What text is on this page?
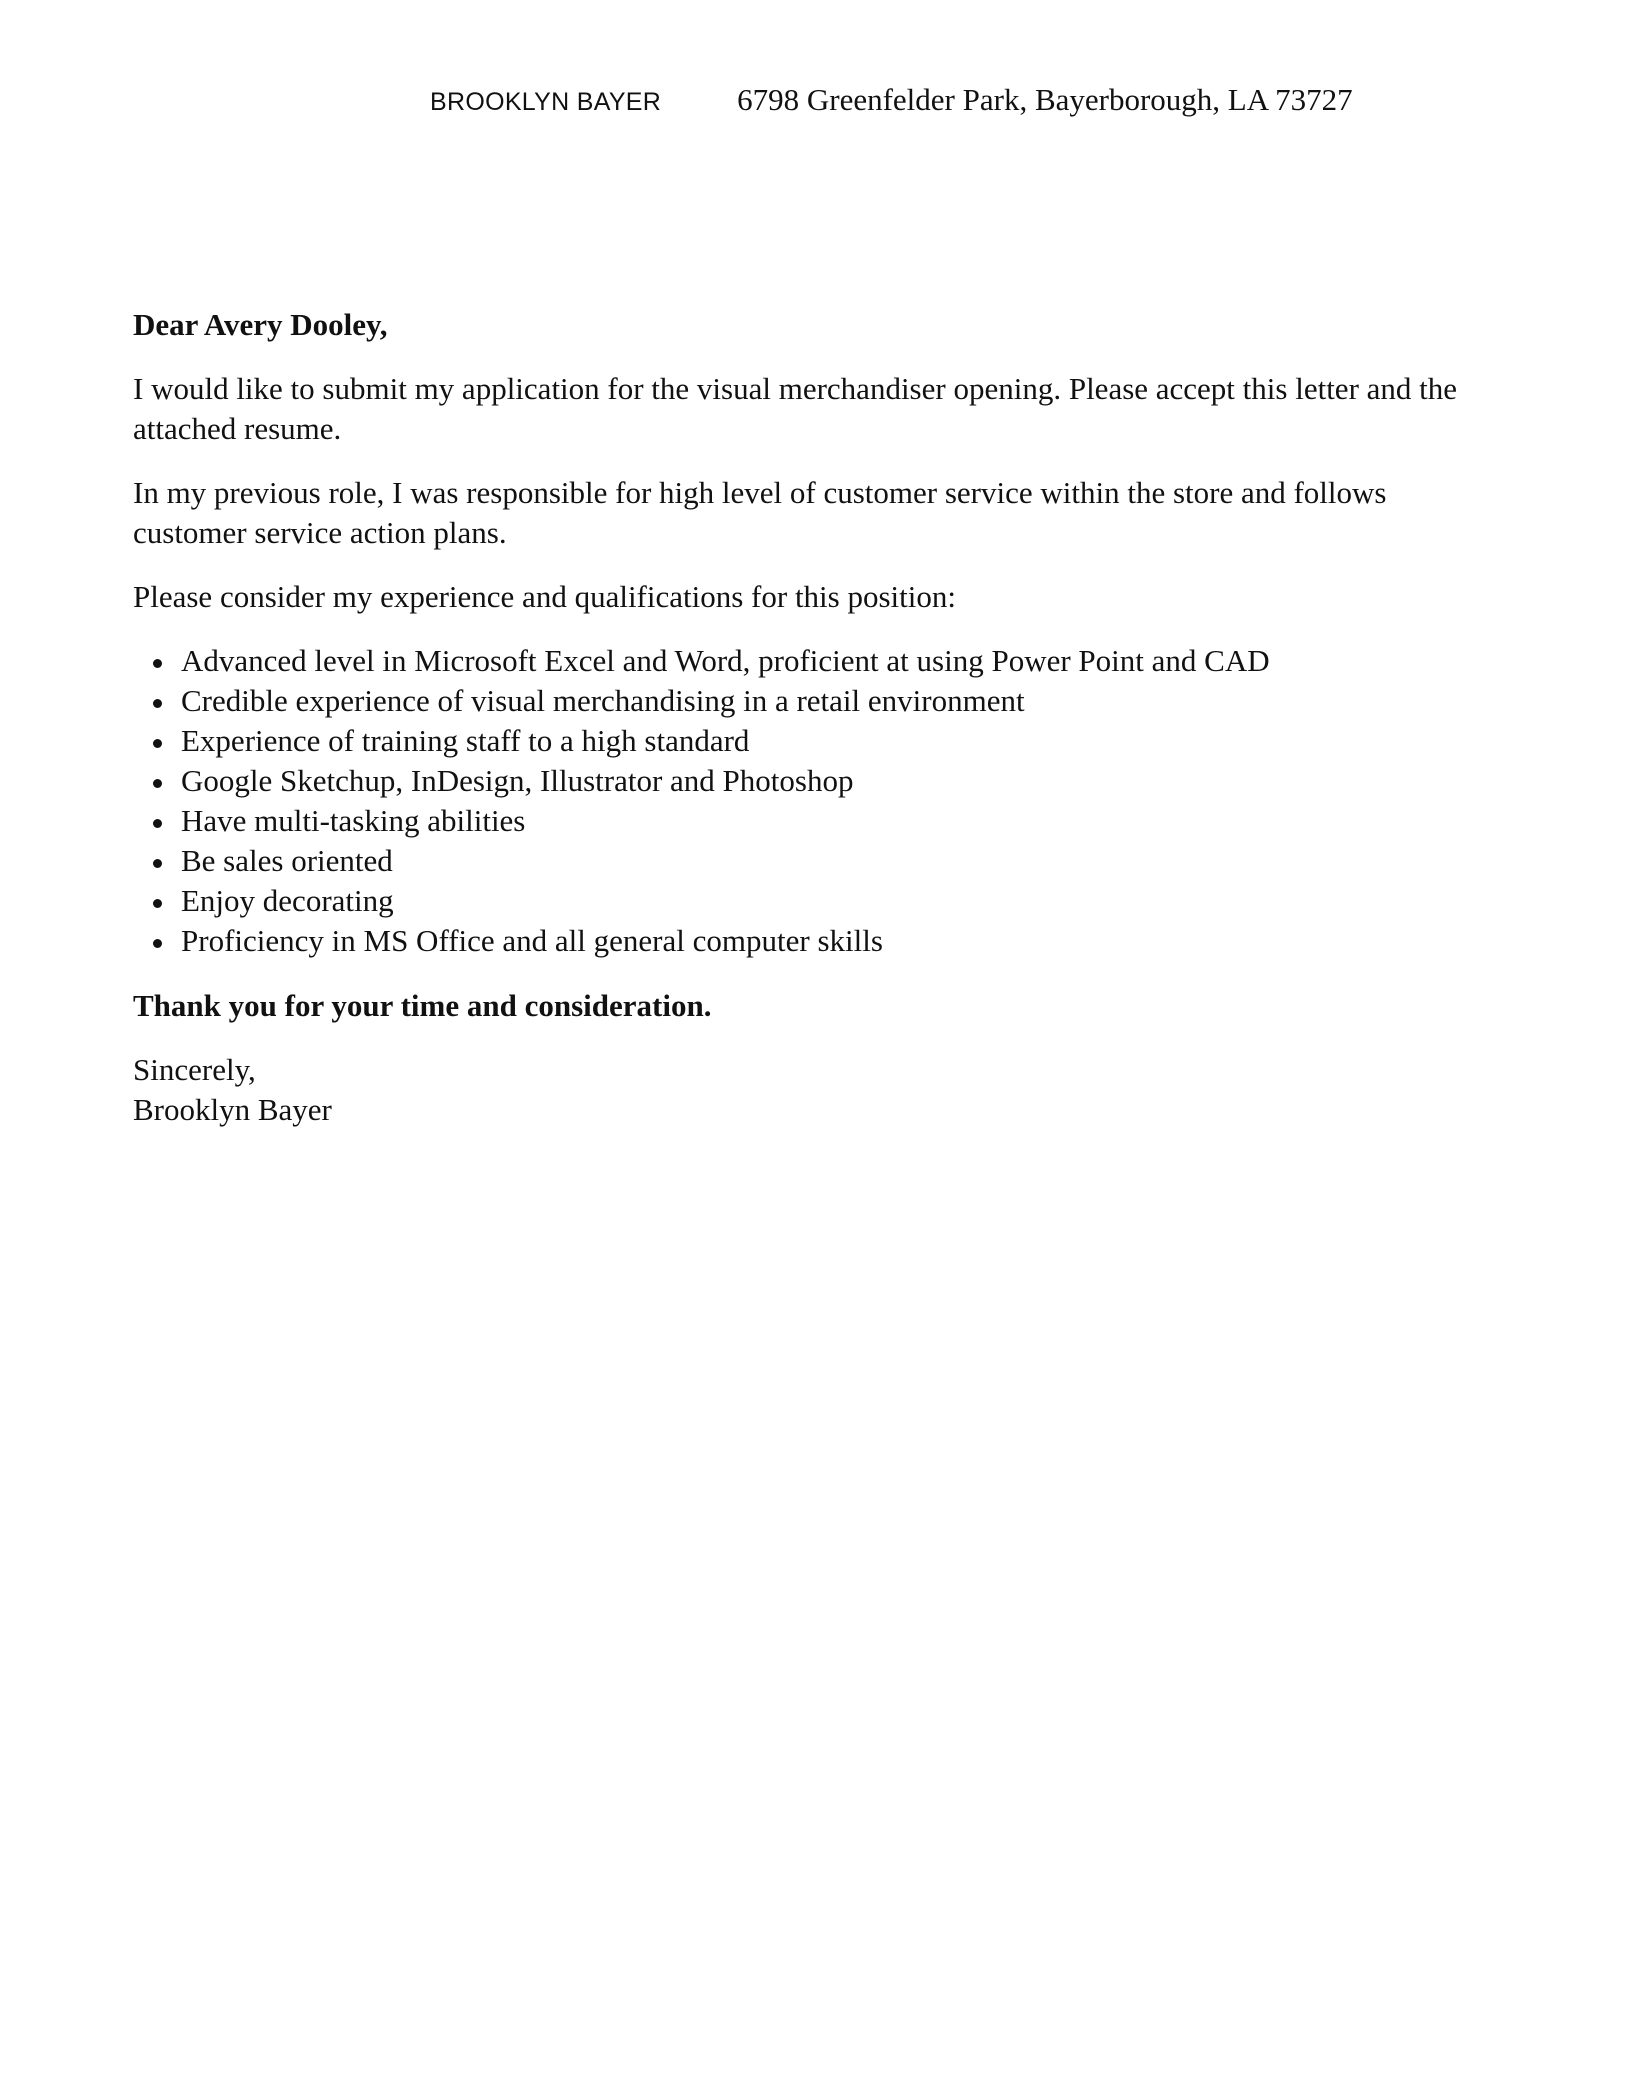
BROOKLYN BAYER 6798 Greenfelder Park, Bayerborough, LA 73727

Dear Avery Dooley,

I would like to submit my application for the visual merchandiser opening. Please accept this letter and the attached resume.

In my previous role, I was responsible for high level of customer service within the store and follows customer service action plans.

Please consider my experience and qualifications for this position:

Advanced level in Microsoft Excel and Word, proficient at using Power Point and CAD
Credible experience of visual merchandising in a retail environment
Experience of training staff to a high standard
Google Sketchup, InDesign, Illustrator and Photoshop
Have multi-tasking abilities
Be sales oriented
Enjoy decorating
Proficiency in MS Office and all general computer skills

Thank you for your time and consideration.

Sincerely,
Brooklyn Bayer
